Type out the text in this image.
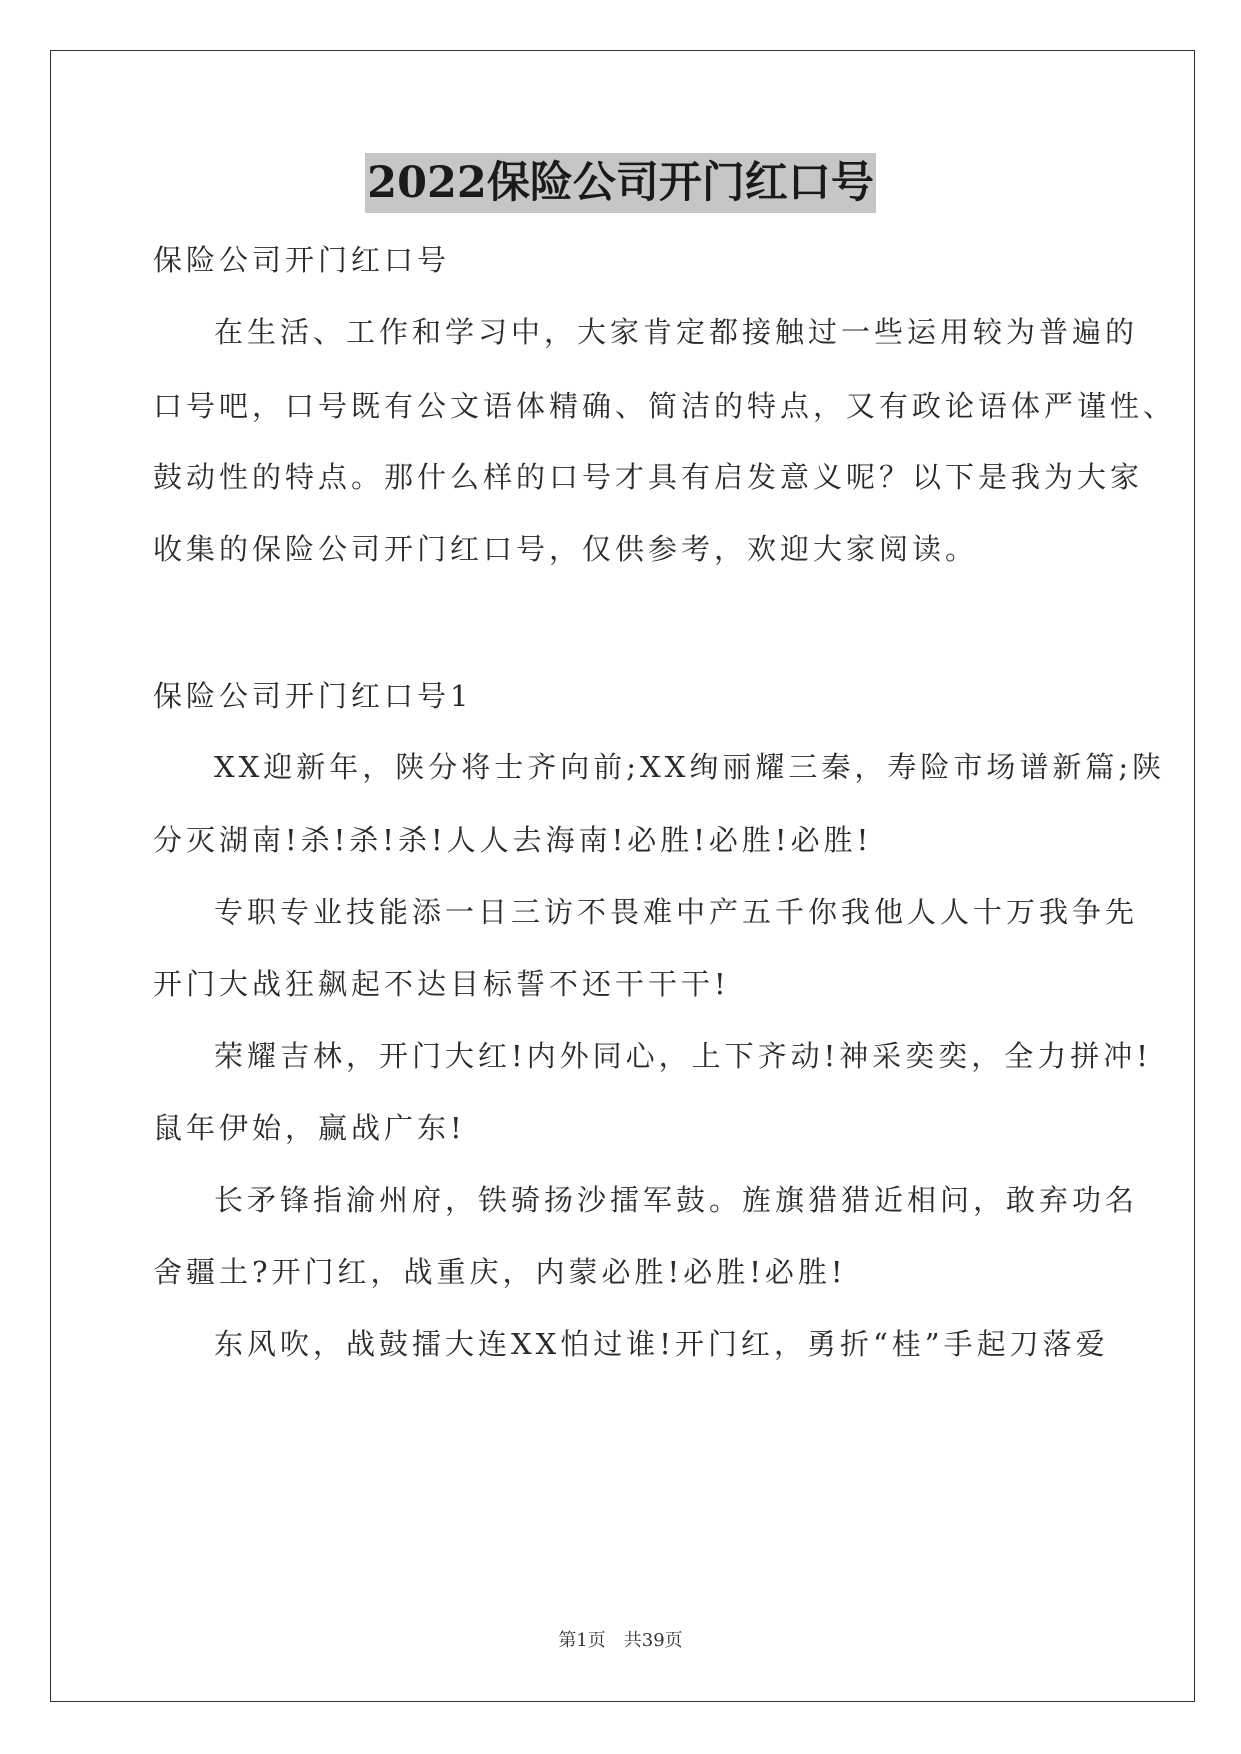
2022保险公司开门红口号
保险公司开门红口号
在生活、工作和学习中，大家肯定都接触过一些运用较为普遍的
口号吧，口号既有公文语体精确、简洁的特点，又有政论语体严谨性、
鼓动性的特点。那什么样的口号才具有启发意义呢？以下是我为大家
收集的保险公司开门红口号，仅供参考，欢迎大家阅读。
保险公司开门红口号1
XX迎新年，陕分将士齐向前;XX绚丽耀三秦，寿险市场谱新篇;陕
分灭湖南!杀!杀!杀!人人去海南!必胜!必胜!必胜!
专职专业技能添一日三访不畏难中产五千你我他人人十万我争先
开门大战狂飙起不达目标誓不还干干干!
荣耀吉林，开门大红!内外同心，上下齐动!神采奕奕，全力拼冲!
鼠年伊始，赢战广东!
长矛锋指渝州府，铁骑扬沙擂军鼓。旌旗猎猎近相问，敢弃功名
舍疆土?开门红，战重庆，内蒙必胜!必胜!必胜!
东风吹，战鼓擂大连XX怕过谁!开门红，勇折“桂”手起刀落爱
第1页　共39页
